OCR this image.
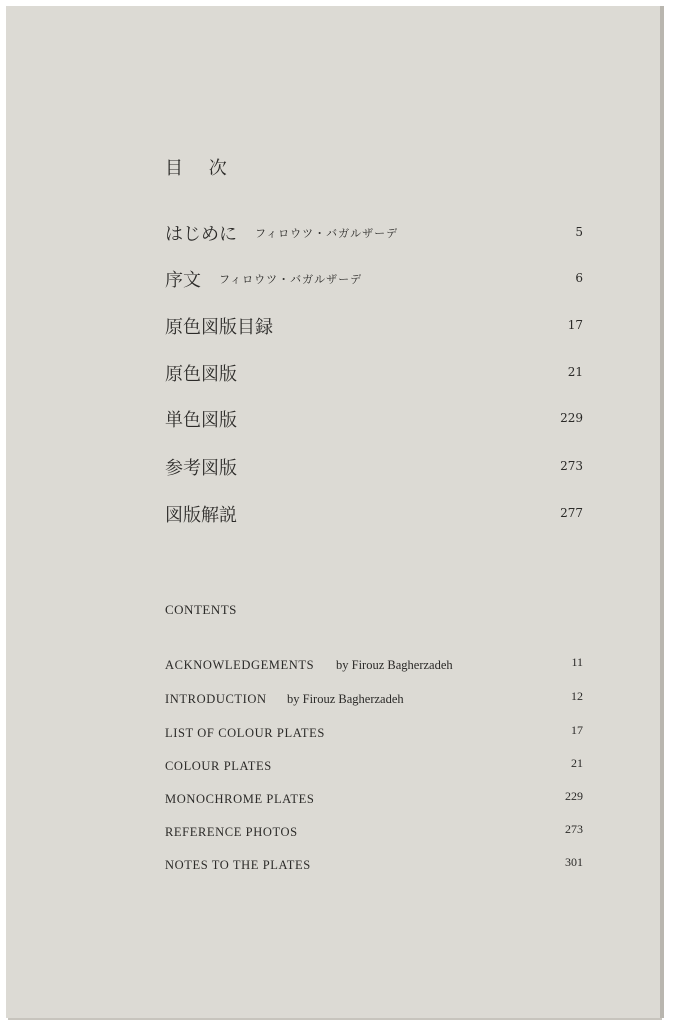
目 次
はじめに フィロウツ・バガルザーデ	5
序文 フィロウツ・バガルザーデ	6
原色図版目録	17
原色図版	21
単色図版	229
参考図版	273
図版解説	277
CONTENTS
ACKNOWLEDGEMENTS by Firouz Bagherzadeh	11
INTRODUCTION by Firouz Bagherzadeh	12
LIST OF COLOUR PLATES	17
COLOUR PLATES	21
MONOCHROME PLATES	229
REFERENCE PHOTOS	273
NOTES TO THE PLATES	301
